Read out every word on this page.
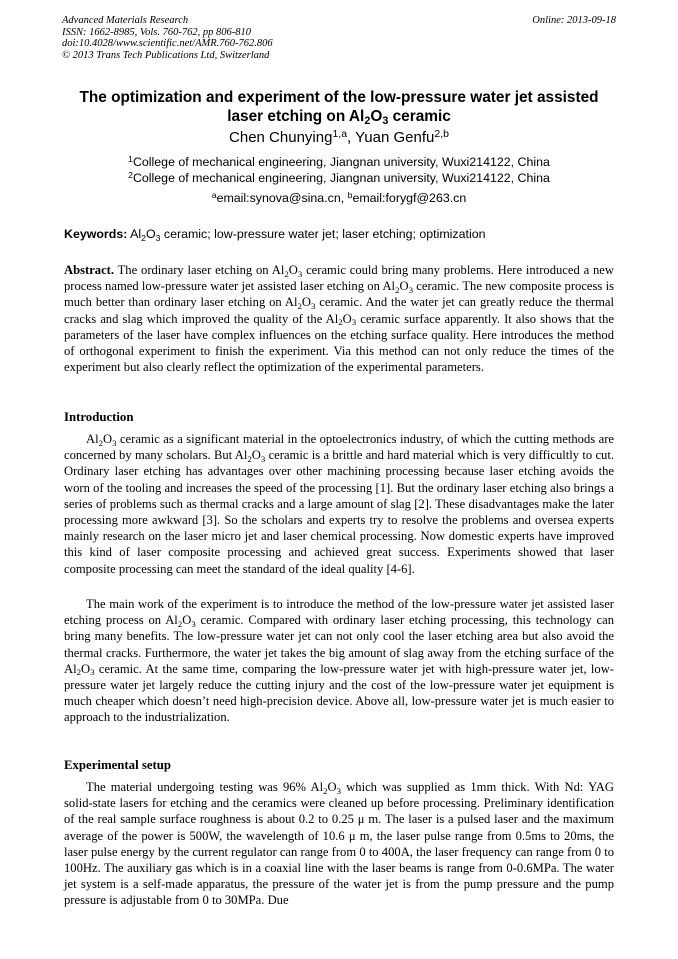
Advanced Materials Research
ISSN: 1662-8985, Vols. 760-762, pp 806-810
doi:10.4028/www.scientific.net/AMR.760-762.806
© 2013 Trans Tech Publications Ltd, Switzerland
Online: 2013-09-18
The optimization and experiment of the low-pressure water jet assisted
laser etching on $Al_2O_3$ ceramic
Chen Chunying$^{1,a}$, Yuan Genfu$^{2,b}$
$^1$College of mechanical engineering, Jiangnan university, Wuxi214122, China
$^2$College of mechanical engineering, Jiangnan university, Wuxi214122, China
$^a$email:synova@sina.cn, $^b$email:forygf@263.cn
Keywords: $Al_2O_3$ ceramic; low-pressure water jet; laser etching; optimization
Abstract. The ordinary laser etching on $Al_2O_3$ ceramic could bring many problems. Here introduced a new process named low-pressure water jet assisted laser etching on $Al_2O_3$ ceramic. The new composite process is much better than ordinary laser etching on $Al_2O_3$ ceramic. And the water jet can greatly reduce the thermal cracks and slag which improved the quality of the $Al_2O_3$ ceramic surface apparently. It also shows that the parameters of the laser have complex influences on the etching surface quality. Here introduces the method of orthogonal experiment to finish the experiment. Via this method can not only reduce the times of the experiment but also clearly reflect the optimization of the experimental parameters.
Introduction
$Al_2O_3$ ceramic as a significant material in the optoelectronics industry, of which the cutting methods are concerned by many scholars. But $Al_2O_3$ ceramic is a brittle and hard material which is very difficultly to cut. Ordinary laser etching has advantages over other machining processing because laser etching avoids the worn of the tooling and increases the speed of the processing [1]. But the ordinary laser etching also brings a series of problems such as thermal cracks and a large amount of slag [2]. These disadvantages make the later processing more awkward [3]. So the scholars and experts try to resolve the problems and oversea experts mainly research on the laser micro jet and laser chemical processing. Now domestic experts have improved this kind of laser composite processing and achieved great success. Experiments showed that laser composite processing can meet the standard of the ideal quality [4-6].
The main work of the experiment is to introduce the method of the low-pressure water jet assisted laser etching process on $Al_2O_3$ ceramic. Compared with ordinary laser etching processing, this technology can bring many benefits. The low-pressure water jet can not only cool the laser etching area but also avoid the thermal cracks. Furthermore, the water jet takes the big amount of slag away from the etching surface of the $Al_2O_3$ ceramic. At the same time, comparing the low-pressure water jet with high-pressure water jet, low-pressure water jet largely reduce the cutting injury and the cost of the low-pressure water jet equipment is much cheaper which doesn’t need high-precision device. Above all, low-pressure water jet is much easier to approach to the industrialization.
Experimental setup
The material undergoing testing was 96% $Al_2O_3$ which was supplied as 1mm thick. With Nd: YAG solid-state lasers for etching and the ceramics were cleaned up before processing. Preliminary identification of the real sample surface roughness is about 0.2 to 0.25 μ m. The laser is a pulsed laser and the maximum average of the power is 500W, the wavelength of 10.6 μ m, the laser pulse range from 0.5ms to 20ms, the laser pulse energy by the current regulator can range from 0 to 400A, the laser frequency can range from 0 to 100Hz. The auxiliary gas which is in a coaxial line with the laser beams is range from 0-0.6MPa. The water jet system is a self-made apparatus, the pressure of the water jet is from the pump pressure and the pump pressure is adjustable from 0 to 30MPa. Due
